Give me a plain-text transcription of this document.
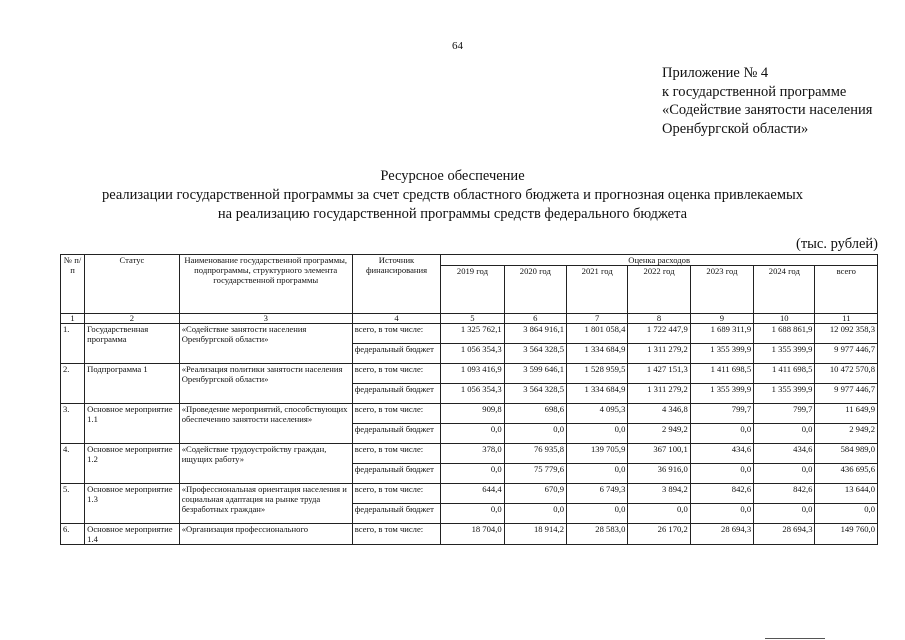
64
Приложение № 4
к государственной программе
«Содействие занятости населения
Оренбургской области»
Ресурсное обеспечение
реализации государственной программы за счет средств областного бюджета и прогнозная оценка привлекаемых
на реализацию государственной программы средств федерального бюджета
(тыс. рублей)
№ п/п	Статус	Наименование государственной программы, подпрограммы, структурного элемента государственной программы	Источник финансирования	Оценка расходов						
				2019 год	2020 год	2021 год	2022 год	2023 год	2024 год	всего
1	2	3	4	5	6	7	8	9	10	11
1.	Государственная программа	«Содействие занятости населения Оренбургской области»	всего, в том числе:	1 325 762,1	3 864 916,1	1 801 058,4	1 722 447,9	1 689 311,9	1 688 861,9	12 092 358,3
			федеральный бюджет	1 056 354,3	3 564 328,5	1 334 684,9	1 311 279,2	1 355 399,9	1 355 399,9	9 977 446,7
2.	Подпрограмма 1	«Реализация политики занятости населения Оренбургской области»	всего, в том числе:	1 093 416,9	3 599 646,1	1 528 959,5	1 427 151,3	1 411 698,5	1 411 698,5	10 472 570,8
			федеральный бюджет	1 056 354,3	3 564 328,5	1 334 684,9	1 311 279,2	1 355 399,9	1 355 399,9	9 977 446,7
3.	Основное мероприятие 1.1	«Проведение мероприятий, способствующих обеспечению занятости населения»	всего, в том числе:	909,8	698,6	4 095,3	4 346,8	799,7	799,7	11 649,9
			федеральный бюджет	0,0	0,0	0,0	2 949,2	0,0	0,0	2 949,2
4.	Основное мероприятие 1.2	«Содействие трудоустройству граждан, ищущих работу»	всего, в том числе:	378,0	76 935,8	139 705,9	367 100,1	434,6	434,6	584 989,0
			федеральный бюджет	0,0	75 779,6	0,0	36 916,0	0,0	0,0	436 695,6
5.	Основное мероприятие 1.3	«Профессиональная ориентация населения и социальная адаптация на рынке труда безработных граждан»	всего, в том числе:	644,4	670,9	6 749,3	3 894,2	842,6	842,6	13 644,0
			федеральный бюджет	0,0	0,0	0,0	0,0	0,0	0,0	0,0
6.	Основное мероприятие 1.4	«Организация профессионального	всего, в том числе:	18 704,0	18 914,2	28 583,0	26 170,2	28 694,3	28 694,3	149 760,0
